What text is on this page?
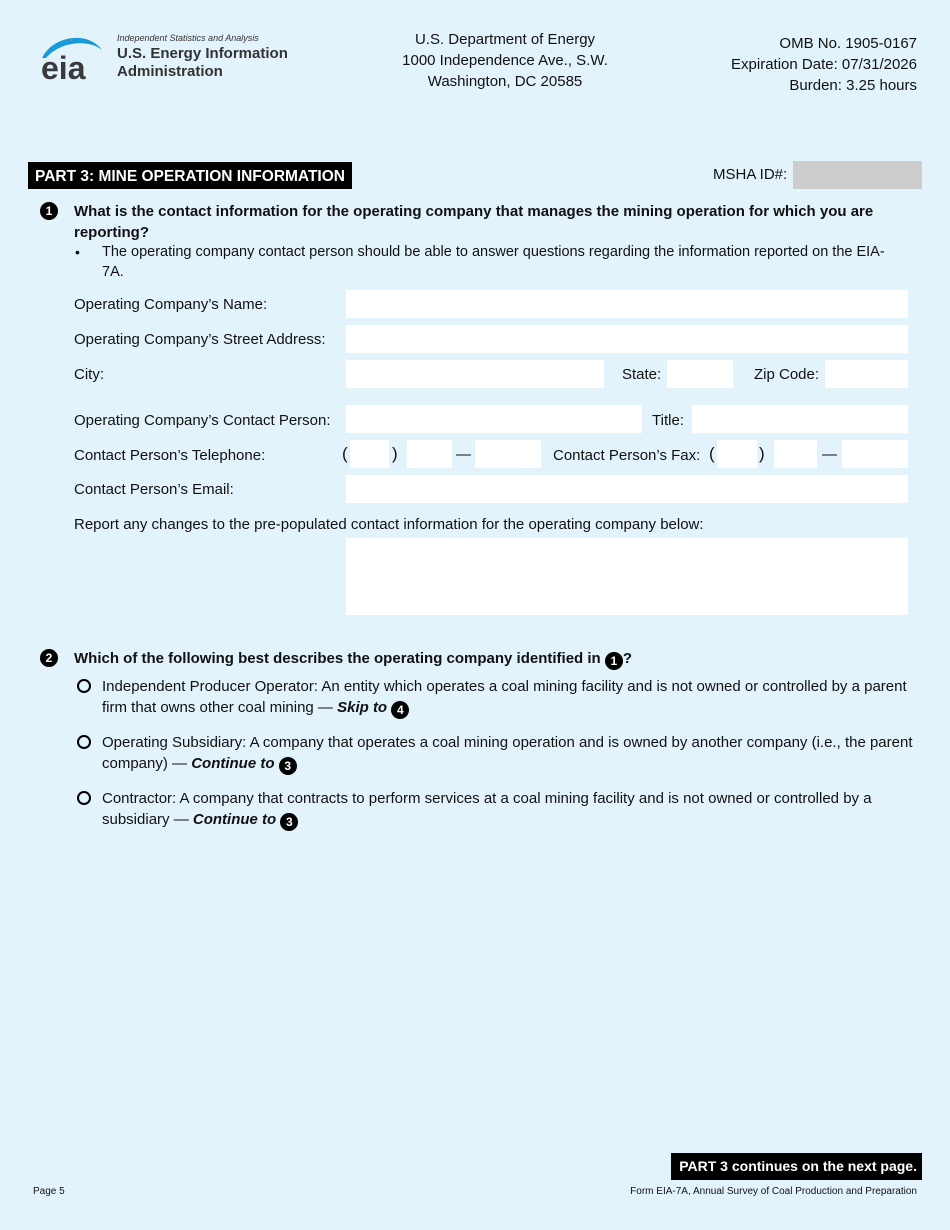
eia
Independent Statistics and Analysis
U.S. Energy Information
Administration
U.S. Department of Energy
1000 Independence Ave., S.W.
Washington, DC 20585
OMB No. 1905-0167
Expiration Date: 07/31/2026
Burden: 3.25 hours
PART 3: MINE OPERATION INFORMATION	MSHA ID#:
1	What is the contact information for the operating company that manages the mining operation for which you are reporting?
• The operating company contact person should be able to answer questions regarding the information reported on the EIA-7A.
Operating Company’s Name:
Operating Company’s Street Address:
City:	State:	Zip Code:
Operating Company’s Contact Person:	Title:
Contact Person’s Telephone:	(	)	—	Contact Person’s Fax: (	)	—
Contact Person’s Email:
Report any changes to the pre-populated contact information for the operating company below:
2	Which of the following best describes the operating company identified in 1 ?
Independent Producer Operator: An entity which operates a coal mining facility and is not owned or controlled by a parent firm that owns other coal mining — Skip to 4
Operating Subsidiary: A company that operates a coal mining operation and is owned by another company (i.e., the parent company) — Continue to 3
Contractor: A company that contracts to perform services at a coal mining facility and is not owned or controlled by a subsidiary — Continue to 3
PART 3 continues on the next page.
Page 5	Form EIA-7A, Annual Survey of Coal Production and Preparation
